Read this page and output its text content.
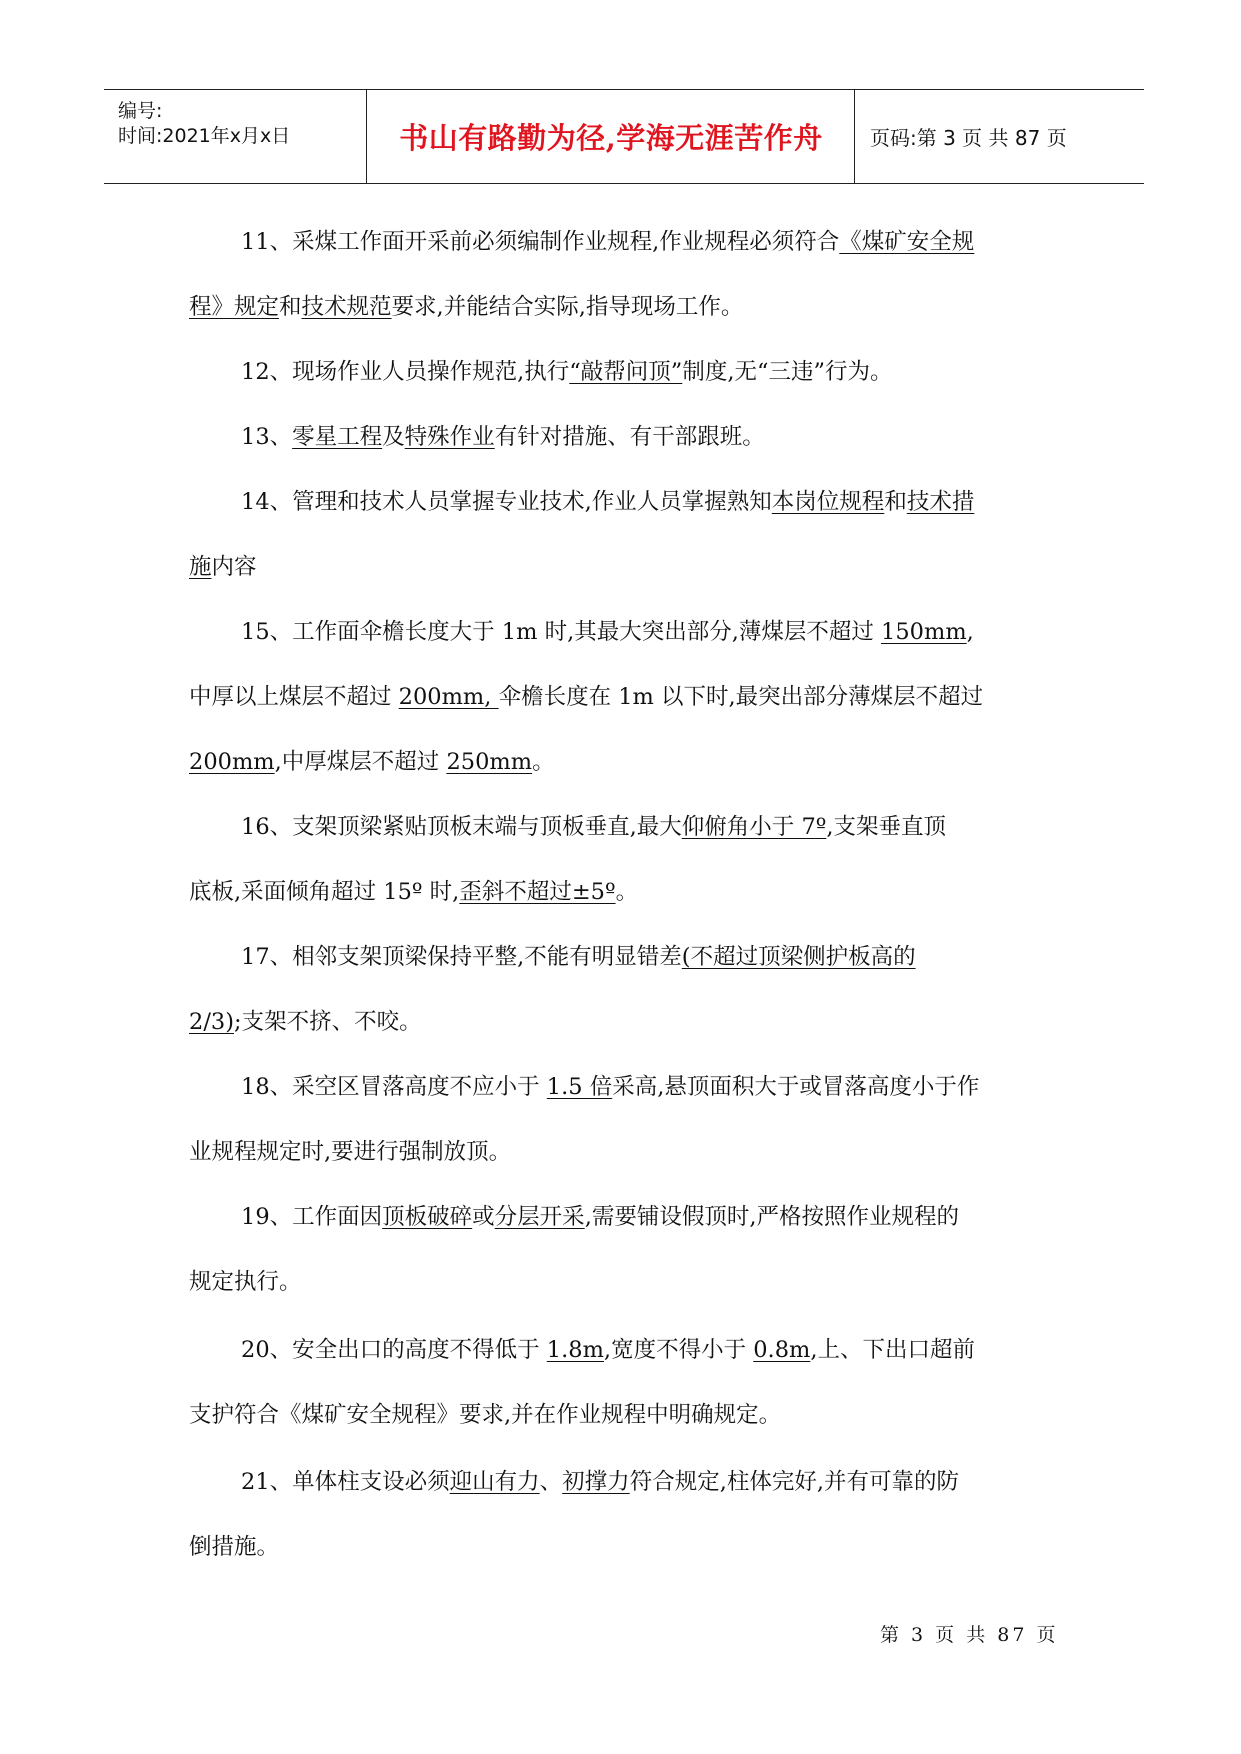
编号:
时间:2021年x月x日	书山有路勤为径,学海无涯苦作舟 页码:第 3 页 共 87 页
11、采煤工作面开采前必须编制作业规程,作业规程必须符合《煤矿安全规
程》规定和技术规范要求,并能结合实际,指导现场工作。
12、现场作业人员操作规范,执行“敲帮问顶”制度,无“三违”行为。
13、零星工程及特殊作业有针对措施、有干部跟班。
14、管理和技术人员掌握专业技术,作业人员掌握熟知本岗位规程和技术措
施内容
15、工作面伞檐长度大于 1m 时,其最大突出部分,薄煤层不超过 150mm,
中厚以上煤层不超过 200mm, 伞檐长度在 1m 以下时,最突出部分薄煤层不超过
200mm,中厚煤层不超过 250mm。
16、支架顶梁紧贴顶板末端与顶板垂直,最大仰俯角小于 7º,支架垂直顶
底板,采面倾角超过 15º 时,歪斜不超过±5º。
17、相邻支架顶梁保持平整,不能有明显错差(不超过顶梁侧护板高的
2/3);支架不挤、不咬。
18、采空区冒落高度不应小于 1.5 倍采高,悬顶面积大于或冒落高度小于作
业规程规定时,要进行强制放顶。
19、工作面因顶板破碎或分层开采,需要铺设假顶时,严格按照作业规程的
规定执行。
20、安全出口的高度不得低于 1.8m,宽度不得小于 0.8m,上、下出口超前
支护符合《煤矿安全规程》要求,并在作业规程中明确规定。
21、单体柱支设必须迎山有力、初撑力符合规定,柱体完好,并有可靠的防
倒措施。
第 3 页 共 87 页
